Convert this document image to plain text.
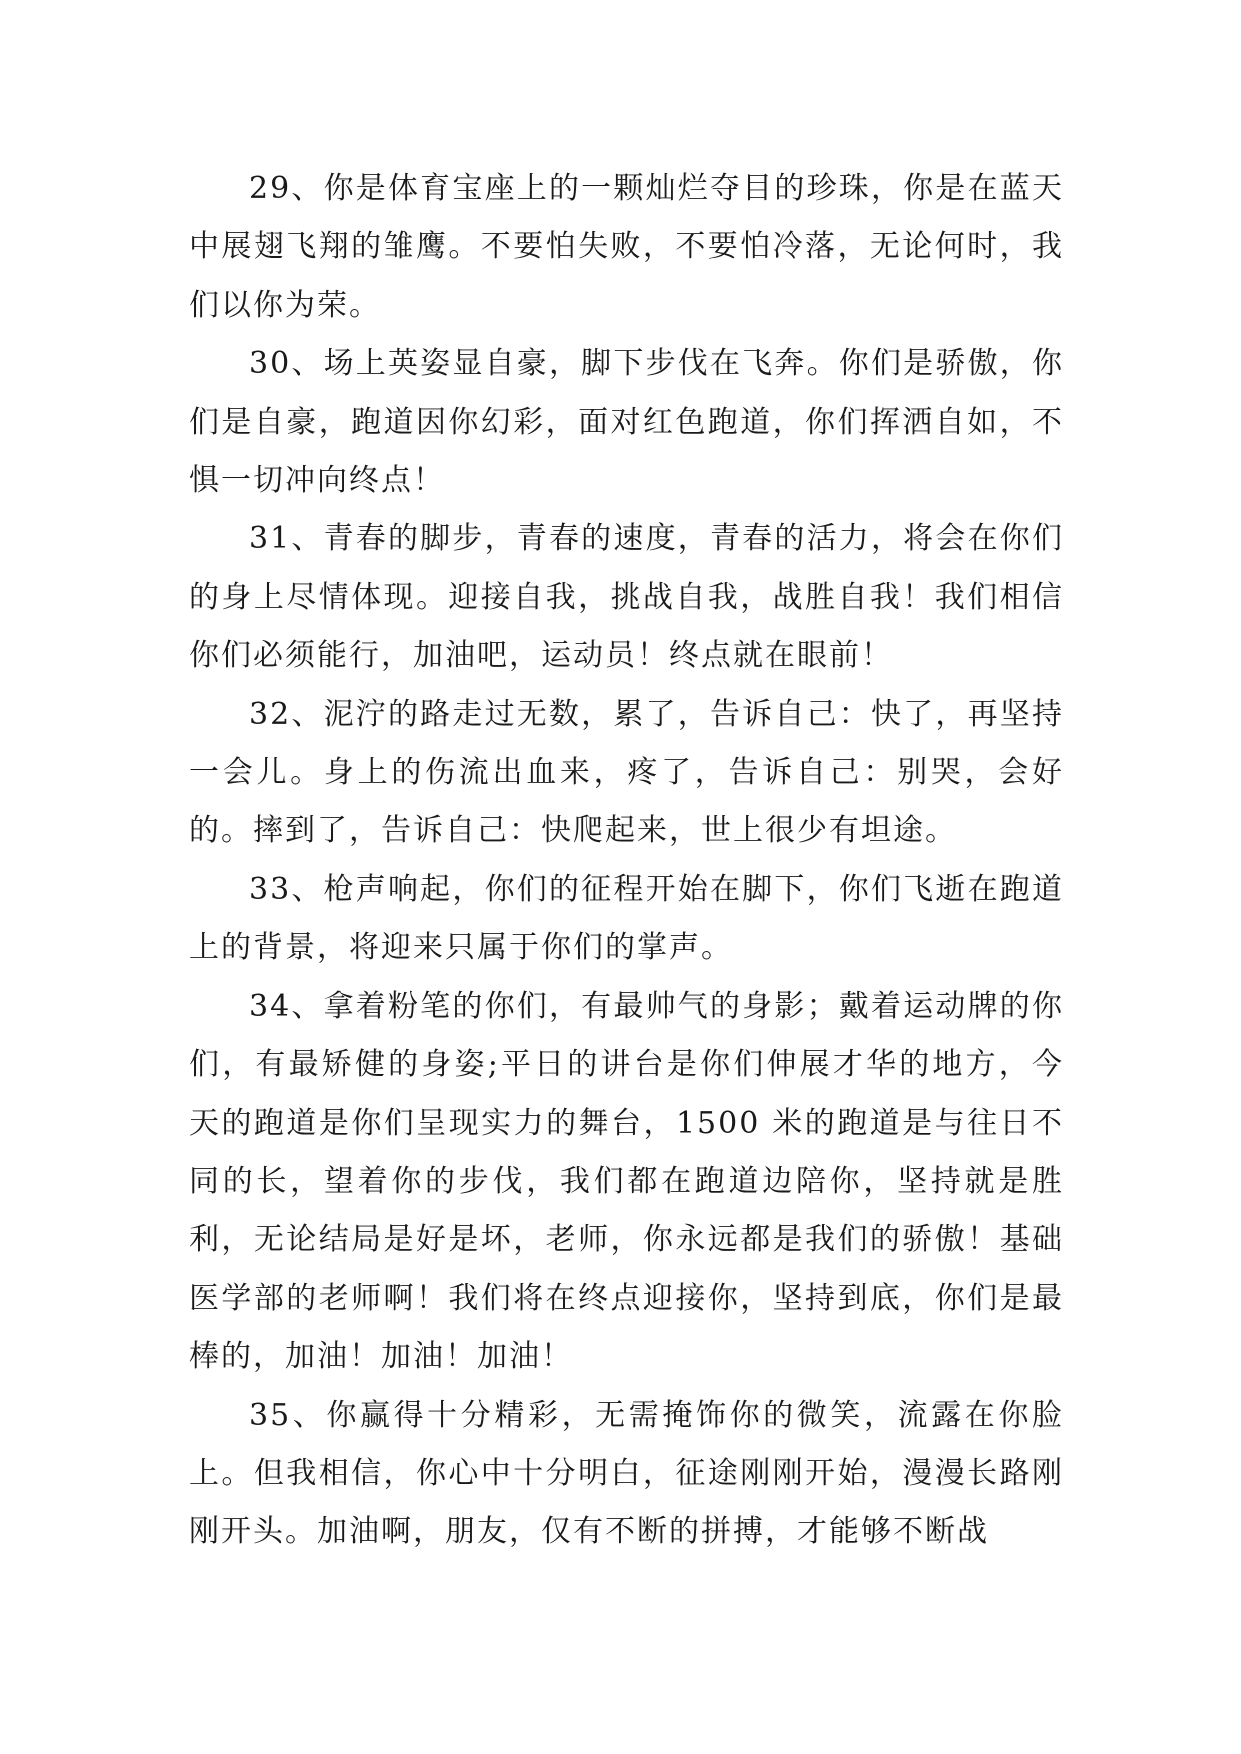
29、你是体育宝座上的一颗灿烂夺目的珍珠，你是在蓝天中展翅飞翔的雏鹰。不要怕失败，不要怕冷落，无论何时，我们以你为荣。

30、场上英姿显自豪，脚下步伐在飞奔。你们是骄傲，你们是自豪，跑道因你幻彩，面对红色跑道，你们挥洒自如，不惧一切冲向终点！

31、青春的脚步，青春的速度，青春的活力，将会在你们的身上尽情体现。迎接自我，挑战自我，战胜自我！我们相信你们必须能行，加油吧，运动员！终点就在眼前！

32、泥泞的路走过无数，累了，告诉自己：快了，再坚持一会儿。身上的伤流出血来，疼了，告诉自己：别哭，会好的。摔到了，告诉自己：快爬起来，世上很少有坦途。

33、枪声响起，你们的征程开始在脚下，你们飞逝在跑道上的背景，将迎来只属于你们的掌声。

34、拿着粉笔的你们，有最帅气的身影；戴着运动牌的你们，有最矫健的身姿;平日的讲台是你们伸展才华的地方，今天的跑道是你们呈现实力的舞台，1500 米的跑道是与往日不同的长，望着你的步伐，我们都在跑道边陪你，坚持就是胜利，无论结局是好是坏，老师，你永远都是我们的骄傲！基础医学部的老师啊！我们将在终点迎接你，坚持到底，你们是最棒的，加油！加油！加油！

35、你赢得十分精彩，无需掩饰你的微笑，流露在你脸上。但我相信，你心中十分明白，征途刚刚开始，漫漫长路刚刚开头。加油啊，朋友，仅有不断的拼搏，才能够不断战
